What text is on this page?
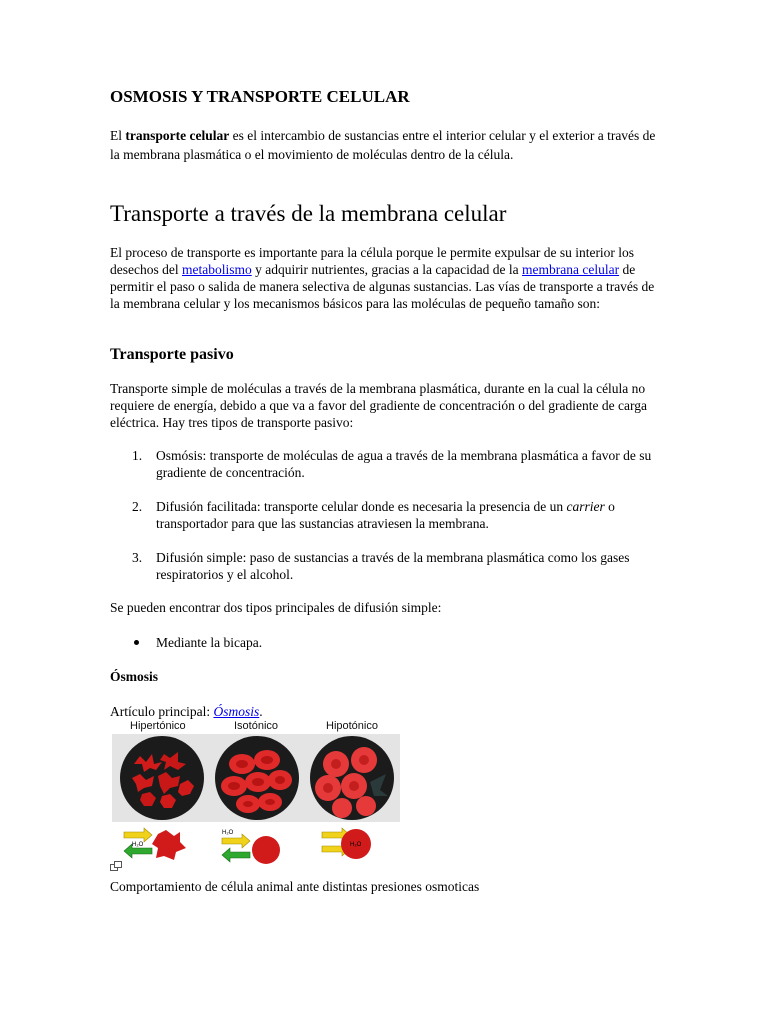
OSMOSIS Y TRANSPORTE CELULAR

El transporte celular es el intercambio de sustancias entre el interior celular y el exterior a través de la membrana plasmática o el movimiento de moléculas dentro de la célula.

Transporte a través de la membrana celular

El proceso de transporte es importante para la célula porque le permite expulsar de su interior los desechos del metabolismo y adquirir nutrientes, gracias a la capacidad de la membrana celular de permitir el paso o salida de manera selectiva de algunas sustancias. Las vías de transporte a través de la membrana celular y los mecanismos básicos para las moléculas de pequeño tamaño son:

Transporte pasivo

Transporte simple de moléculas a través de la membrana plasmática, durante en la cual la célula no requiere de energía, debido a que va a favor del gradiente de concentración o del gradiente de carga eléctrica. Hay tres tipos de transporte pasivo:

1. Osmósis: transporte de moléculas de agua a través de la membrana plasmática a favor de su gradiente de concentración.
2. Difusión facilitada: transporte celular donde es necesaria la presencia de un carrier o transportador para que las sustancias atraviesen la membrana.
3. Difusión simple: paso de sustancias a través de la membrana plasmática como los gases respiratorios y el alcohol.

Se pueden encontrar dos tipos principales de difusión simple:

Mediante la bicapa.
Ósmosis

Artículo principal: Ósmosis.

Hipertónico	Isotónico	Hipotónico
H₂O
H₂O
H₂O

Comportamiento de célula animal ante distintas presiones osmoticas
